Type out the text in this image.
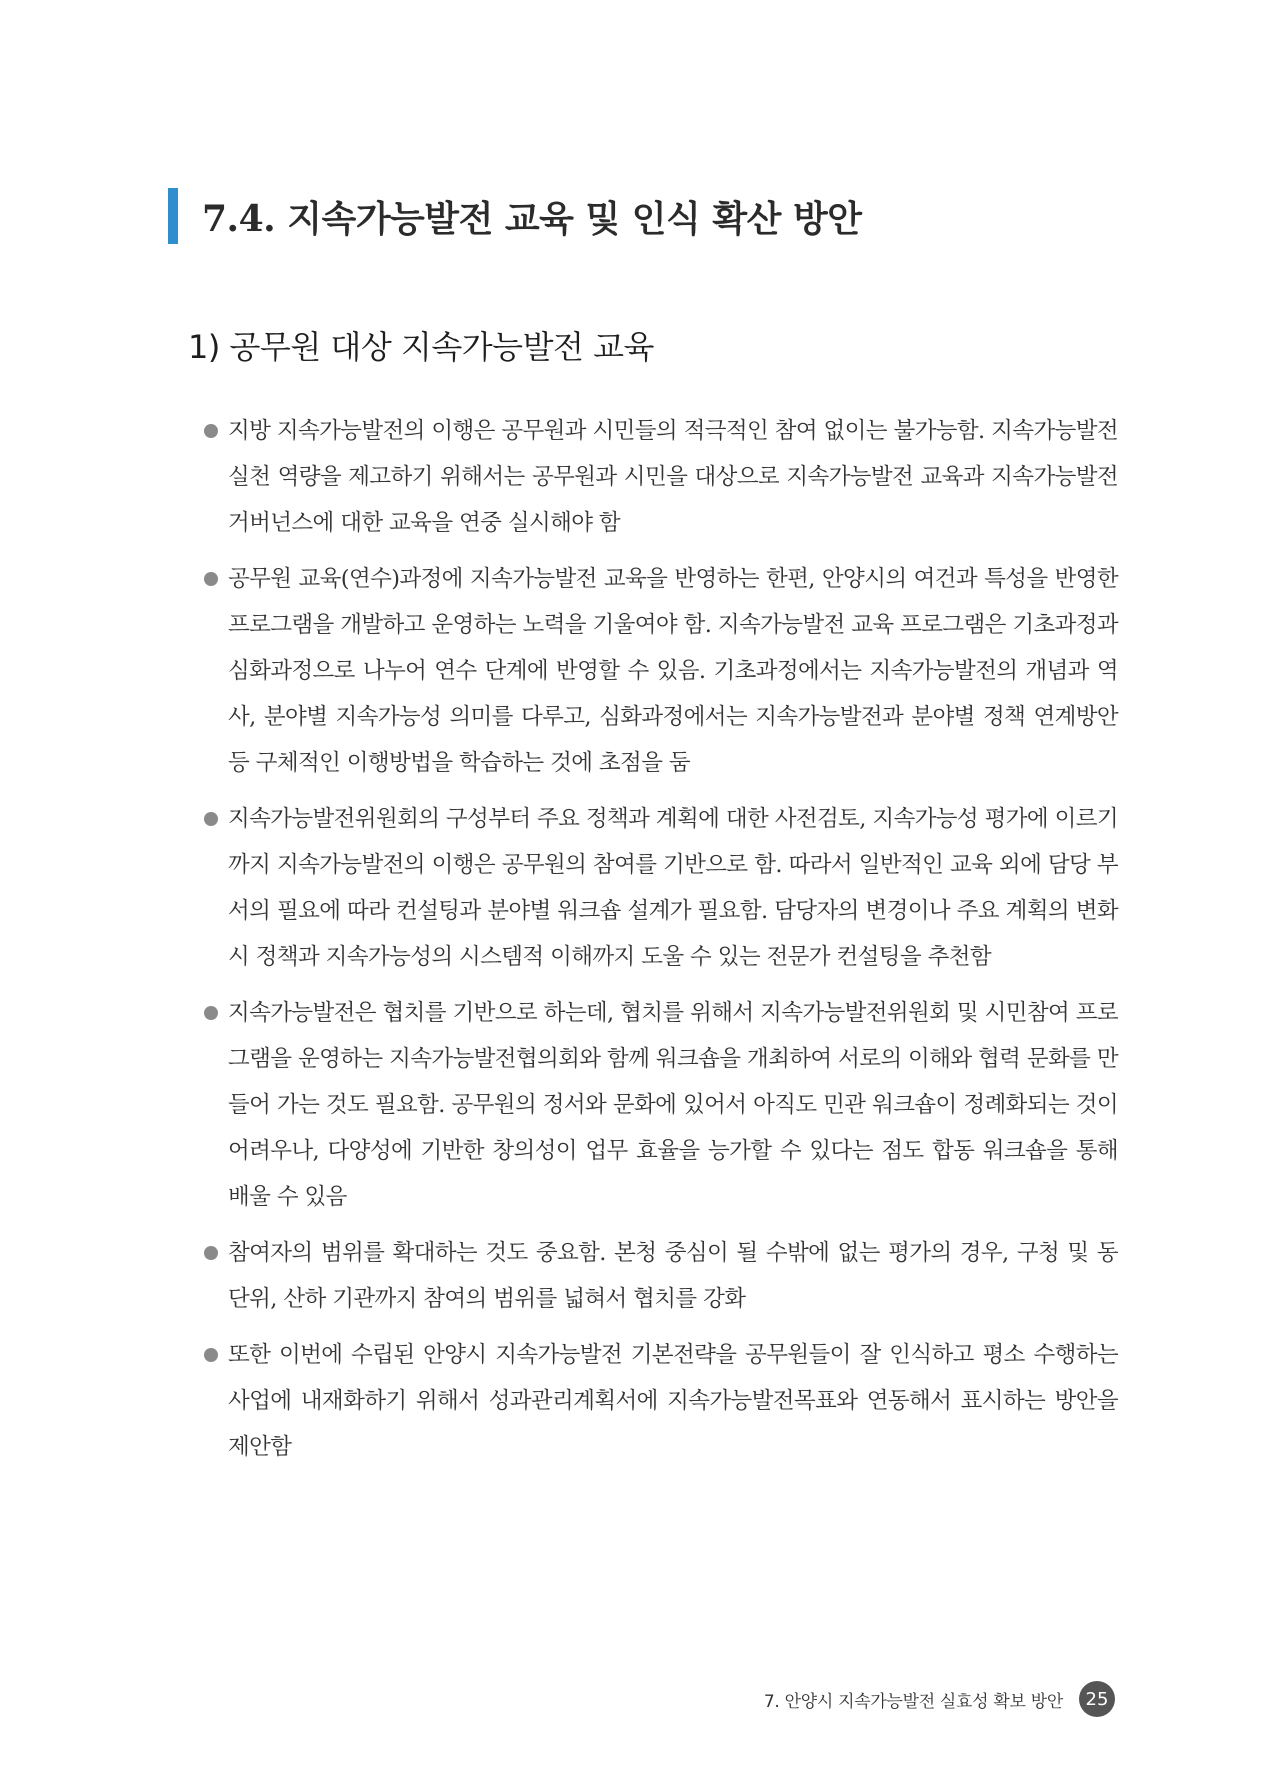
7.4. 지속가능발전 교육 및 인식 확산 방안
1) 공무원 대상 지속가능발전 교육
지방 지속가능발전의 이행은 공무원과 시민들의 적극적인 참여 없이는 불가능함. 지속가능발전 실천 역량을 제고하기 위해서는 공무원과 시민을 대상으로 지속가능발전 교육과 지속가능발전 거버넌스에 대한 교육을 연중 실시해야 함
공무원 교육(연수)과정에 지속가능발전 교육을 반영하는 한편, 안양시의 여건과 특성을 반영한 프로그램을 개발하고 운영하는 노력을 기울여야 함. 지속가능발전 교육 프로그램은 기초과정과 심화과정으로 나누어 연수 단계에 반영할 수 있음. 기초과정에서는 지속가능발전의 개념과 역사, 분야별 지속가능성 의미를 다루고, 심화과정에서는 지속가능발전과 분야별 정책 연계방안 등 구체적인 이행방법을 학습하는 것에 초점을 둠
지속가능발전위원회의 구성부터 주요 정책과 계획에 대한 사전검토, 지속가능성 평가에 이르기까지 지속가능발전의 이행은 공무원의 참여를 기반으로 함. 따라서 일반적인 교육 외에 담당 부서의 필요에 따라 컨설팅과 분야별 워크숍 설계가 필요함. 담당자의 변경이나 주요 계획의 변화 시 정책과 지속가능성의 시스템적 이해까지 도울 수 있는 전문가 컨설팅을 추천함
지속가능발전은 협치를 기반으로 하는데, 협치를 위해서 지속가능발전위원회 및 시민참여 프로그램을 운영하는 지속가능발전협의회와 함께 워크숍을 개최하여 서로의 이해와 협력 문화를 만들어 가는 것도 필요함. 공무원의 정서와 문화에 있어서 아직도 민관 워크숍이 정례화되는 것이 어려우나, 다양성에 기반한 창의성이 업무 효율을 능가할 수 있다는 점도 합동 워크숍을 통해 배울 수 있음
참여자의 범위를 확대하는 것도 중요함. 본청 중심이 될 수밖에 없는 평가의 경우, 구청 및 동 단위, 산하 기관까지 참여의 범위를 넓혀서 협치를 강화
또한 이번에 수립된 안양시 지속가능발전 기본전략을 공무원들이 잘 인식하고 평소 수행하는 사업에 내재화하기 위해서 성과관리계획서에 지속가능발전목표와 연동해서 표시하는 방안을 제안함
7. 안양시 지속가능발전 실효성 확보 방안	25
